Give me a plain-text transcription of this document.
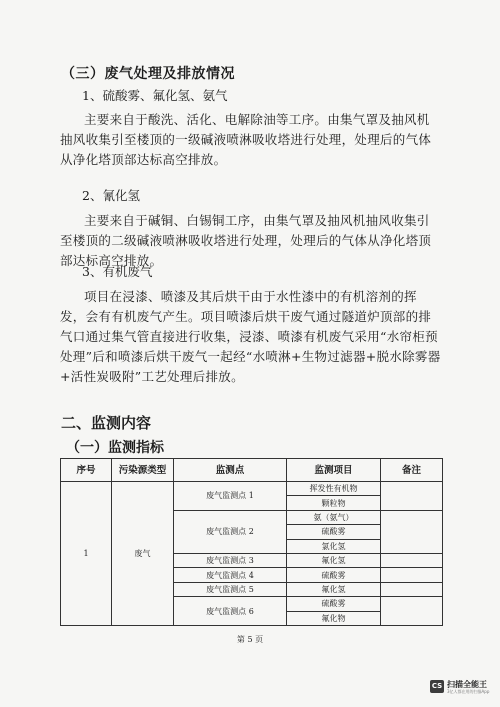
（三）废气处理及排放情况

1、硫酸雾、氟化氢、氨气

主要来自于酸洗、活化、电解除油等工序。由集气罩及抽风机抽风收集引至楼顶的一级碱液喷淋吸收塔进行处理，处理后的气体从净化塔顶部达标高空排放。

2、氰化氢

主要来自于碱铜、白锡铜工序，由集气罩及抽风机抽风收集引至楼顶的二级碱液喷淋吸收塔进行处理，处理后的气体从净化塔顶部达标高空排放。

3、有机废气

项目在浸漆、喷漆及其后烘干由于水性漆中的有机溶剂的挥发，会有有机废气产生。项目喷漆后烘干废气通过隧道炉顶部的排气口通过集气管直接进行收集，浸漆、喷漆有机废气采用“水帘柜预处理”后和喷漆后烘干废气一起经“水喷淋+生物过滤器+脱水除雾器+活性炭吸附”工艺处理后排放。

二、监测内容
（一）监测指标
序号	污染源类型	监测点	监测项目	备注
1	废气	废气监测点 1	挥发性有机物	
			颗粒物	
		废气监测点 2	氨（氨气）	
			硫酸雾	
			氯化氢	
		废气监测点 3	氟化氢	
		废气监测点 4	硫酸雾	
		废气监测点 5	氟化氢	
		废气监测点 6	硫酸雾	
			氟化物	
第 5 页
CS 扫描全能王
3亿人都在用的扫描App
